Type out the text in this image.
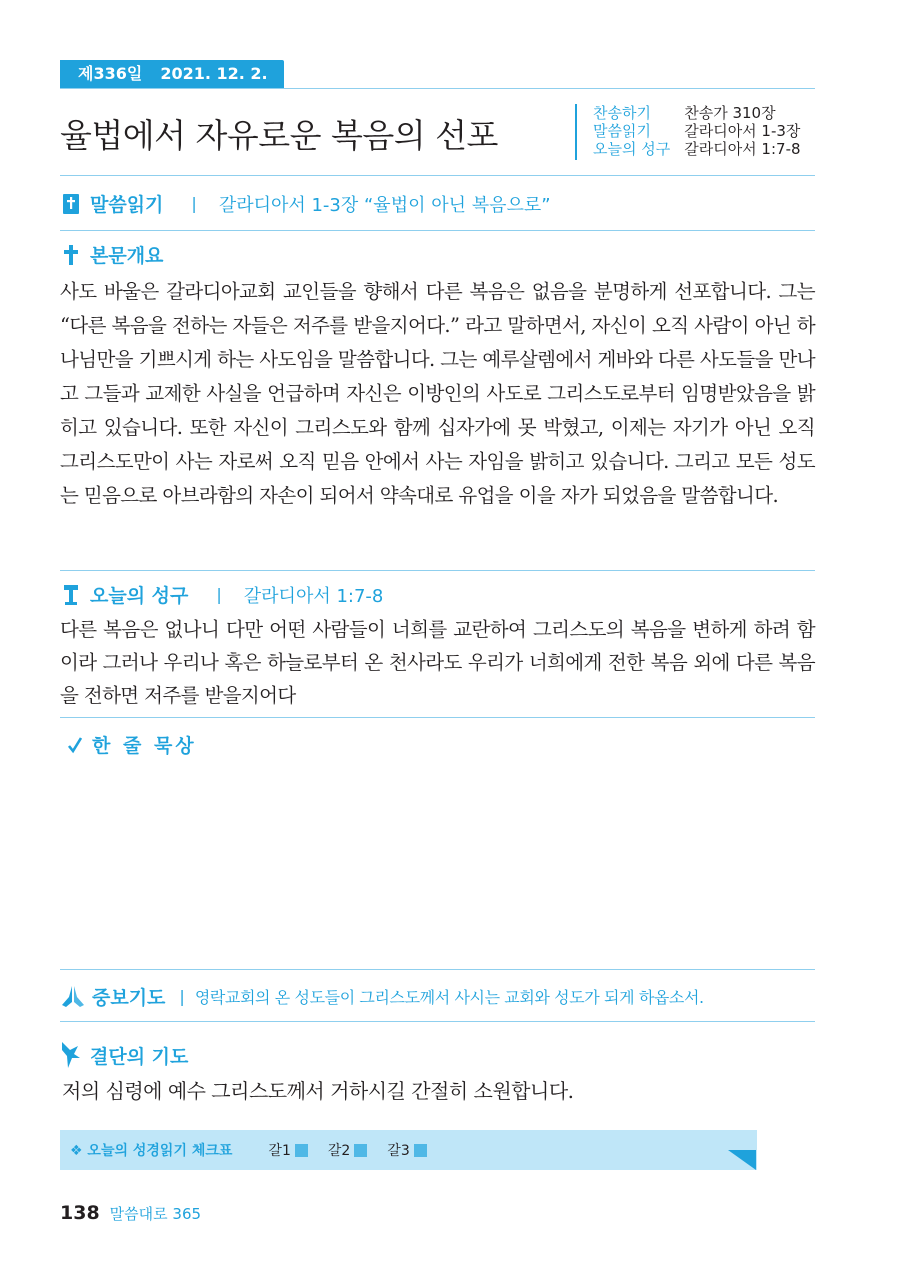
제336일 2021. 12. 2. 목
율법에서 자유로운 복음의 선포
찬송하기	찬송가 310장
말씀읽기	갈라디아서 1-3장
오늘의 성구	갈라디아서 1:7-8
말씀읽기 | 갈라디아서 1-3장 “율법이 아닌 복음으로”
본문개요

사도 바울은 갈라디아교회 교인들을 향해서 다른 복음은 없음을 분명하게 선포합니다. 그는 “다른 복음을 전하는 자들은 저주를 받을지어다.” 라고 말하면서, 자신이 오직 사람이 아닌 하나님만을 기쁘시게 하는 사도임을 말씀합니다. 그는 예루살렘에서 게바와 다른 사도들을 만나고 그들과 교제한 사실을 언급하며 자신은 이방인의 사도로 그리스도로부터 임명받았음을 밝히고 있습니다. 또한 자신이 그리스도와 함께 십자가에 못 박혔고, 이제는 자기가 아닌 오직 그리스도만이 사는 자로써 오직 믿음 안에서 사는 자임을 밝히고 있습니다. 그리고 모든 성도는 믿음으로 아브라함의 자손이 되어서 약속대로 유업을 이을 자가 되었음을 말씀합니다.

오늘의 성구 | 갈라디아서 1:7-8
다른 복음은 없나니 다만 어떤 사람들이 너희를 교란하여 그리스도의 복음을 변하게 하려 함이라 그러나 우리나 혹은 하늘로부터 온 천사라도 우리가 너희에게 전한 복음 외에 다른 복음을 전하면 저주를 받을지어다
한 줄 묵상
중보기도 | 영락교회의 온 성도들이 그리스도께서 사시는 교회와 성도가 되게 하옵소서.
결단의 기도
저의 심령에 예수 그리스도께서 거하시길 간절히 소원합니다.
❖ 오늘의 성경읽기 체크표	갈1	갈2	갈3
138 말씀대로 365
